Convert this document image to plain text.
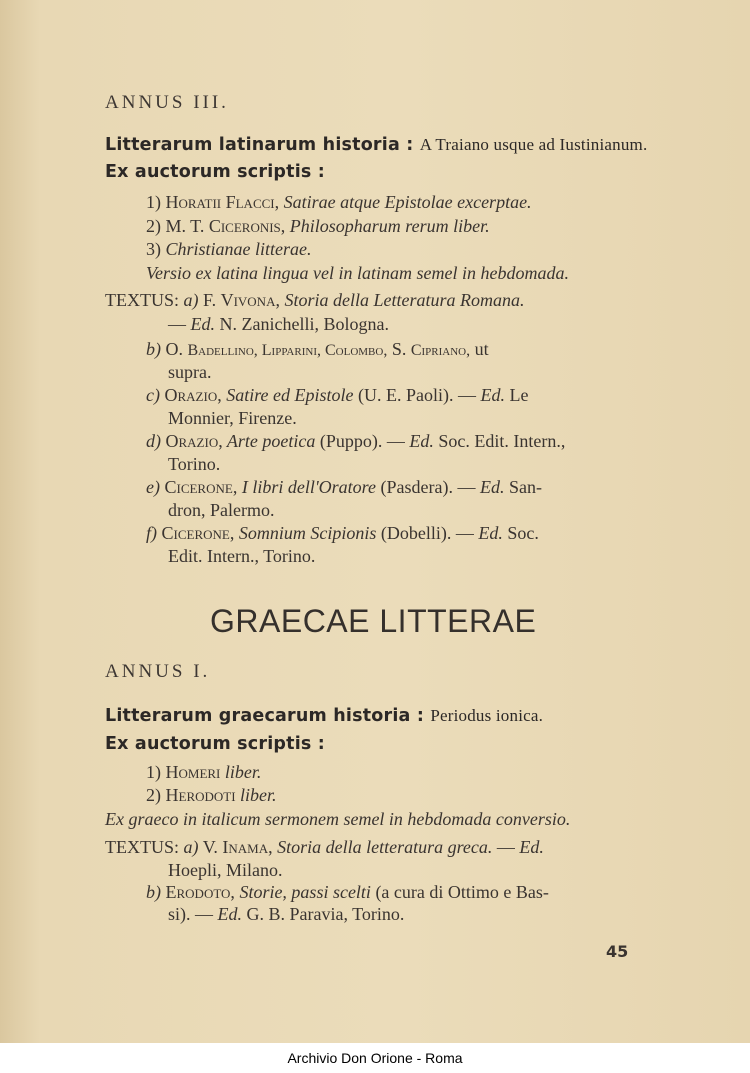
ANNUS III.
Litterarum latinarum historia : A Traiano usque ad Iustinianum.
Ex auctorum scriptis :
1) Horatii Flacci, Satirae atque Epistolae excerptae.
2) M. T. Ciceronis, Philosopharum rerum liber.
3) Christianae litterae.
Versio ex latina lingua vel in latinam semel in hebdomada.
TEXTUS: a) F. Vivona, Storia della Letteratura Romana.
— Ed. N. Zanichelli, Bologna.
b) O. Badellino, Lipparini, Colombo, S. Cipriano, ut
supra.
c) Orazio, Satire ed Epistole (U. E. Paoli). — Ed. Le
Monnier, Firenze.
d) Orazio, Arte poetica (Puppo). — Ed. Soc. Edit. Intern.,
Torino.
e) Cicerone, I libri dell'Oratore (Pasdera). — Ed. San-
dron, Palermo.
f) Cicerone, Somnium Scipionis (Dobelli). — Ed. Soc.
Edit. Intern., Torino.
GRAECAE LITTERAE
ANNUS I.
Litterarum graecarum historia : Periodus ionica.
Ex auctorum scriptis :
1) Homeri liber.
2) Herodoti liber.
Ex graeco in italicum sermonem semel in hebdomada conversio.
TEXTUS: a) V. Inama, Storia della letteratura greca. — Ed.
Hoepli, Milano.
b) Erodoto, Storie, passi scelti (a cura di Ottimo e Bas-
si). — Ed. G. B. Paravia, Torino.
45
Archivio Don Orione - Roma
